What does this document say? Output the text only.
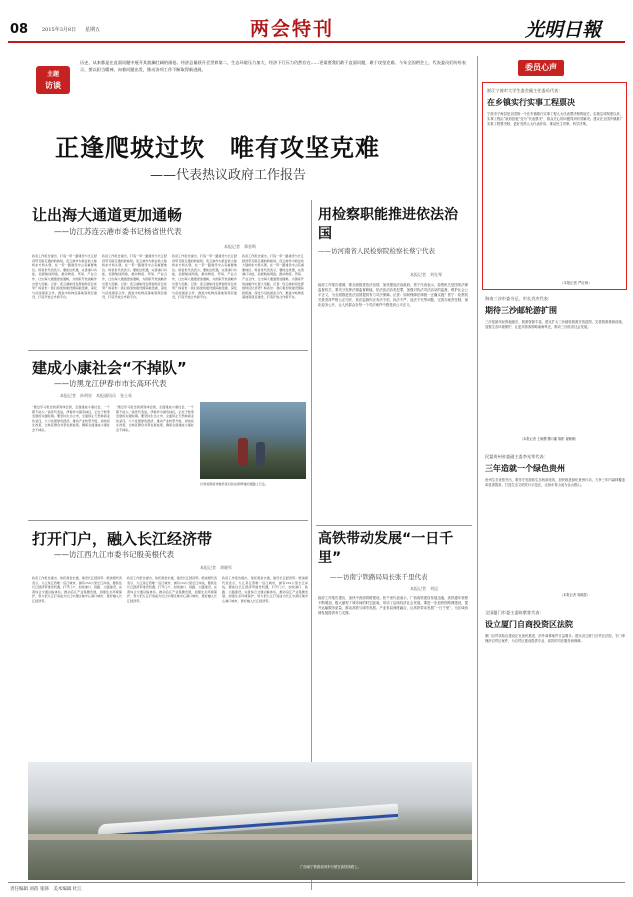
08	2015年3月8日 星期五	两会特刊	光明日報
主题
访谈
历史，从来都是在直面问题中展开其波澜壮阔的画卷。经济总量跃升至世界第二，生态环境压力加大，经济下行压力仍然存在……更需要我们敢于直面问题，敢于攻坚克难。今年全国两会上，代表委员们纷纷表示，要以担当精神，向着问题出发，推动各项工作不断取得新进展。
正逢爬坡过坎　唯有攻坚克难
——代表热议政府工作报告
让出海大通道更加通畅
——访江苏连云港市委书记杨省世代表
本报记者　郑晋鸣
政府工作报告提出，打造一带一路建设与长江经济带互联互通的新格局。连云港作为新亚欧大陆桥东方桥头堡，在一带一路建设中占有重要地位。杨省世代表表示，要抓住机遇，完善港口功能，拓展航线网络，推动物流、贸易、产业合作，让出海大通道更加通畅，为国家开放战略作出更大贡献。记者：连云港如何发挥独特区位优势？杨省世：我们将加快建设国际枢纽港，深化与沿线国家合作，推进中哈物流基地等项目建设，打造开放合作新平台。
政府工作报告提出，打造一带一路建设与长江经济带互联互通的新格局。连云港作为新亚欧大陆桥东方桥头堡，在一带一路建设中占有重要地位。杨省世代表表示，要抓住机遇，完善港口功能，拓展航线网络，推动物流、贸易、产业合作，让出海大通道更加通畅，为国家开放战略作出更大贡献。记者：连云港如何发挥独特区位优势？杨省世：我们将加快建设国际枢纽港，深化与沿线国家合作，推进中哈物流基地等项目建设，打造开放合作新平台。
政府工作报告提出，打造一带一路建设与长江经济带互联互通的新格局。连云港作为新亚欧大陆桥东方桥头堡，在一带一路建设中占有重要地位。杨省世代表表示，要抓住机遇，完善港口功能，拓展航线网络，推动物流、贸易、产业合作，让出海大通道更加通畅，为国家开放战略作出更大贡献。记者：连云港如何发挥独特区位优势？杨省世：我们将加快建设国际枢纽港，深化与沿线国家合作，推进中哈物流基地等项目建设，打造开放合作新平台。
政府工作报告提出，打造一带一路建设与长江经济带互联互通的新格局。连云港作为新亚欧大陆桥东方桥头堡，在一带一路建设中占有重要地位。杨省世代表表示，要抓住机遇，完善港口功能，拓展航线网络，推动物流、贸易、产业合作，让出海大通道更加通畅，为国家开放战略作出更大贡献。记者：连云港如何发挥独特区位优势？杨省世：我们将加快建设国际枢纽港，深化与沿线国家合作，推进中哈物流基地等项目建设，打造开放合作新平台。
用检察职能推进依法治国
——访河南省人民检察院检察长蔡宁代表
本报记者　刘先琴
政府工作报告强调，要全面推进依法治国，加快建设法治政府。蔡宁代表表示，检察机关是国家法律监督机关，要充分发挥法律监督职能，依法惩治各类犯罪，加强对执法司法活动的监督，维护社会公平正义，为全面推进依法治国提供有力司法保障。记者：如何保障法律统一正确实施？蔡宁：检察机关要坚持严格公正司法，依法监督纠正有法不依、执法不严、违法不究等问题，完善办案责任制，深化检务公开，让人民群众在每一个司法案件中感受到公平正义。
建成小康社会“不掉队”
——访黑龙江伊春市市长高环代表
本报记者　孙明泉　本报通讯员　张士英
“通过学习报告我深刻体会到，全面建成小康社会，一个都不能少。”高环代表说，伊春作为国有林区，正处于转型发展的关键时期。要坚持生态立市，全面停止天然林商业性采伐，大力发展绿色经济，推动产业转型升级，加快民生改善，让林区群众共享发展成果，确保全面建成小康社会不掉队。
“通过学习报告我深刻体会到，全面建成小康社会，一个都不能少。”高环代表说，伊春作为国有林区，正处于转型发展的关键时期。要坚持生态立市，全面停止天然林商业性采伐，大力发展绿色经济，推动产业转型升级，加快民生改善，让林区群众共享发展成果，确保全面建成小康社会不掉队。
甘肃省陇南市徽县某村民在新修建的道路上行走。
高铁带动发展“一日千里”
——访南宁铁路局局长张千里代表
本报记者　刘昆
政府工作报告提出，加快中西部铁路建设。张千里代表表示，广西高铁建设发展迅速，高铁通车里程不断增加，极大缩短了城市间的时空距离，带动了沿线经济社会发展。要进一步加快铁路网建设，提升运输服务质量，推动高铁与城市发展、产业布局深度融合，让高铁带动发展“一日千里”，为区域协调发展提供有力支撑。
打开门户，融入长江经济带
——访江西九江市委书记殷美根代表
本报记者　胡晓军
政府工作报告提出，依托黄金水道，建设长江经济带。殷美根代表表示，九江是江西唯一沿江城市，拥有152公里长江岸线，要抓住长江经济带建设机遇，打开门户，加快港口、铁路、公路建设，完善综合交通运输体系，推动沿江产业集聚发展，加强生态环境保护，努力把九江打造成为长江中游区域中心港口城市，更好融入长江经济带。
政府工作报告提出，依托黄金水道，建设长江经济带。殷美根代表表示，九江是江西唯一沿江城市，拥有152公里长江岸线，要抓住长江经济带建设机遇，打开门户，加快港口、铁路、公路建设，完善综合交通运输体系，推动沿江产业集聚发展，加强生态环境保护，努力把九江打造成为长江中游区域中心港口城市，更好融入长江经济带。
政府工作报告提出，依托黄金水道，建设长江经济带。殷美根代表表示，九江是江西唯一沿江城市，拥有152公里长江岸线，要抓住长江经济带建设机遇，打开门户，加快港口、铁路、公路建设，完善综合交通运输体系，推动沿江产业集聚发展，加强生态环境保护，努力把九江打造成为长江中游区域中心港口城市，更好融入长江经济带。
广西南宁铁路局列车行驶在高铁线路上。
委员心声
浙江宁波市大学生委会副主任委员代表：
在乡镇实行实事工程票决
宁波市宁海县是全国第一个在乡镇推行实事工程人大代表票决制的地方。实施这项制度以来，实事工程由“政府拍板”变为“代表票决”，群众关心的问题得到有效解决。建议在全国乡镇推广实事工程票决制，更好发挥人大代表作用，推动民主决策、科学决策。
（本报记者 严红枫）
海南三沙市委书记、市长肖杰代表：
期待三沙邮轮游扩围
三沙是最年轻的地级市，旅游资源丰富。建议扩大三沙邮轮旅游开放范围，完善旅游基础设施，加强生态环境保护，让更多游客领略南海风光，推动三沙经济社会发展。
（本报记者 王晓樱 魏月蘅 陈彬 翟姗姗）
民盟贵州省委副主委李光荣代表：
三年造就一个绿色贵州
贵州生态优势突出，要坚守发展和生态两条底线，加快推进绿化贵州行动，力争三年内森林覆盖率显著提高，打造生态文明先行示范区，让绿水青山成为金山银山。
（本报记者 周晓霞）
全国厦门市委主委陈紫萱代表：
设立厦门自商投资区法院
厦门自贸试验区建设正在加快推进，涉外商事案件日益增多。建议设立厦门自贸区法院，专门审理涉自贸区案件，为自贸区建设提供专业、高效的司法服务和保障。
责任编辑 刘蓓 张韩　美术编辑 杜江
